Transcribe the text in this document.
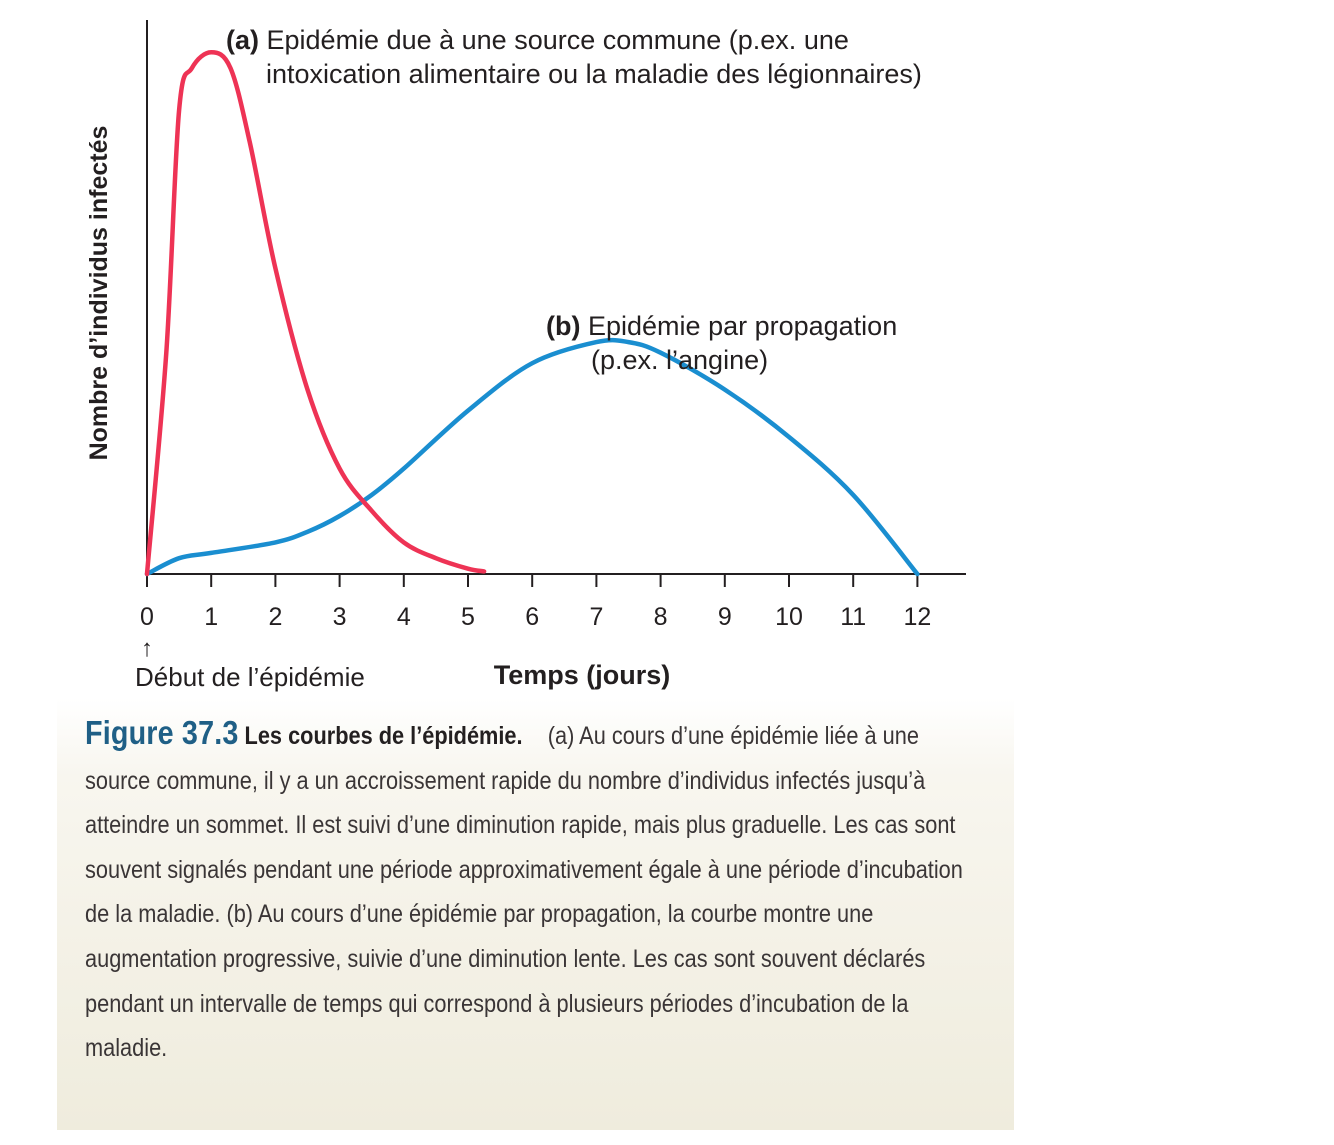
0 1 2 3 4 5 6 7 8 9 10 11 12
Nombre d’individus infectés
(a) Epidémie due à une source commune (p.ex. une
intoxication alimentaire ou la maladie des légionnaires)
(b) Epidémie par propagation
(p.ex. l’angine)
↑
Début de l’épidémie	Temps (jours)

Figure 37.3 Les courbes de l’épidémie. (a) Au cours d’une épidémie liée à une source commune, il y a un accroissement rapide du nombre d’individus infectés jusqu’à atteindre un sommet. Il est suivi d’une diminution rapide, mais plus graduelle. Les cas sont souvent signalés pendant une période approximativement égale à une période d’incubation de la maladie. (b) Au cours d’une épidémie par propagation, la courbe montre une augmentation progressive, suivie d’une diminution lente. Les cas sont souvent déclarés pendant un intervalle de temps qui correspond à plusieurs périodes d’incubation de la maladie.
